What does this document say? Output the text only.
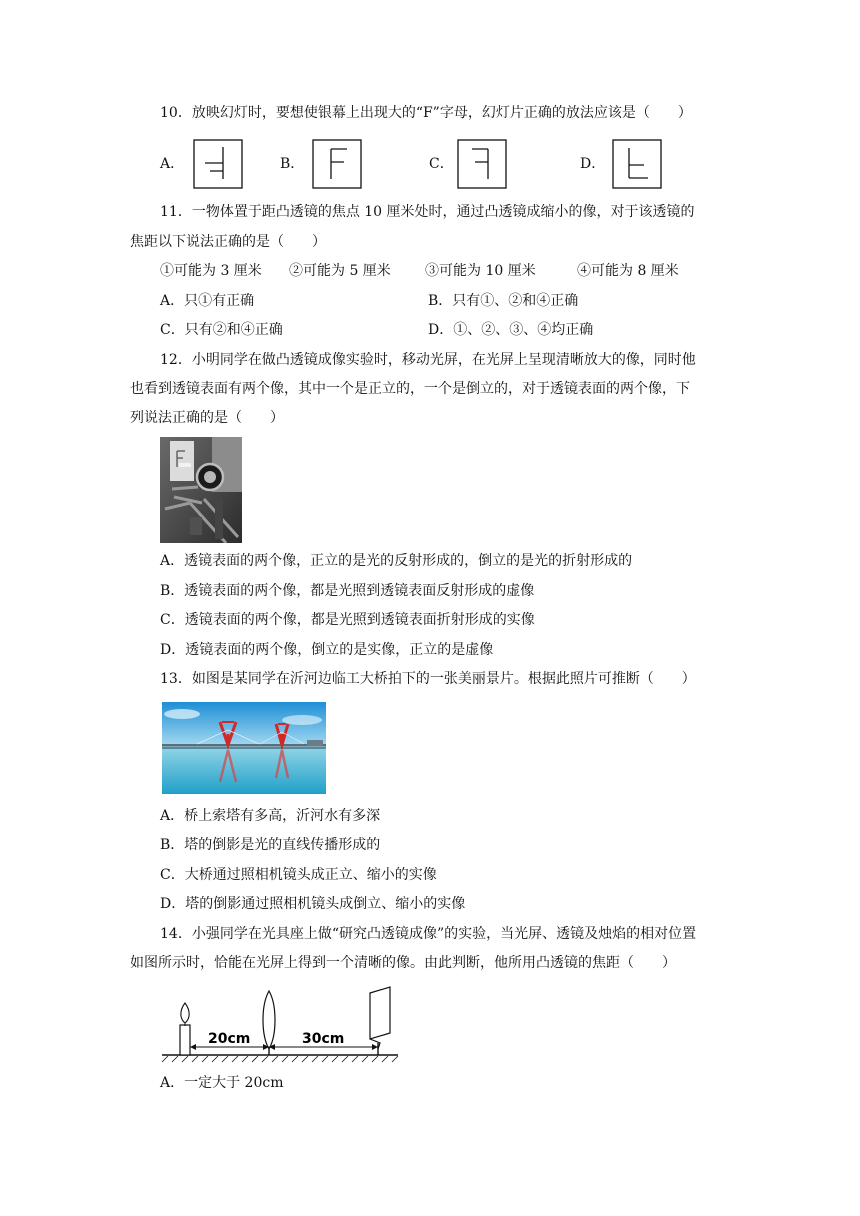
10．放映幻灯时，要想使银幕上出现大的“F”字母，幻灯片正确的放法应该是（　　）
A．	B．	C．	D．
11．一物体置于距凸透镜的焦点 10 厘米处时，通过凸透镜成缩小的像，对于该透镜的
焦距以下说法正确的是（　　）
①可能为 3 厘米 ②可能为 5 厘米 ③可能为 10 厘米	④可能为 8 厘米
A．只①有正确	B．只有①、②和④正确
C．只有②和④正确	D．①、②、③、④均正确
12．小明同学在做凸透镜成像实验时，移动光屏，在光屏上呈现清晰放大的像，同时他
也看到透镜表面有两个像，其中一个是正立的，一个是倒立的，对于透镜表面的两个像，下
列说法正确的是（　　）
A．透镜表面的两个像，正立的是光的反射形成的，倒立的是光的折射形成的
B．透镜表面的两个像，都是光照到透镜表面反射形成的虚像
C．透镜表面的两个像，都是光照到透镜表面折射形成的实像
D．透镜表面的两个像，倒立的是实像，正立的是虚像
13．如图是某同学在沂河边临工大桥拍下的一张美丽景片。根据此照片可推断（　　）
A．桥上索塔有多高，沂河水有多深
B．塔的倒影是光的直线传播形成的
C．大桥通过照相机镜头成正立、缩小的实像
D．塔的倒影通过照相机镜头成倒立、缩小的实像
14．小强同学在光具座上做“研究凸透镜成像”的实验，当光屏、透镜及烛焰的相对位置
如图所示时，恰能在光屏上得到一个清晰的像。由此判断，他所用凸透镜的焦距（　　）
20cm	30cm
A．一定大于 20cm
